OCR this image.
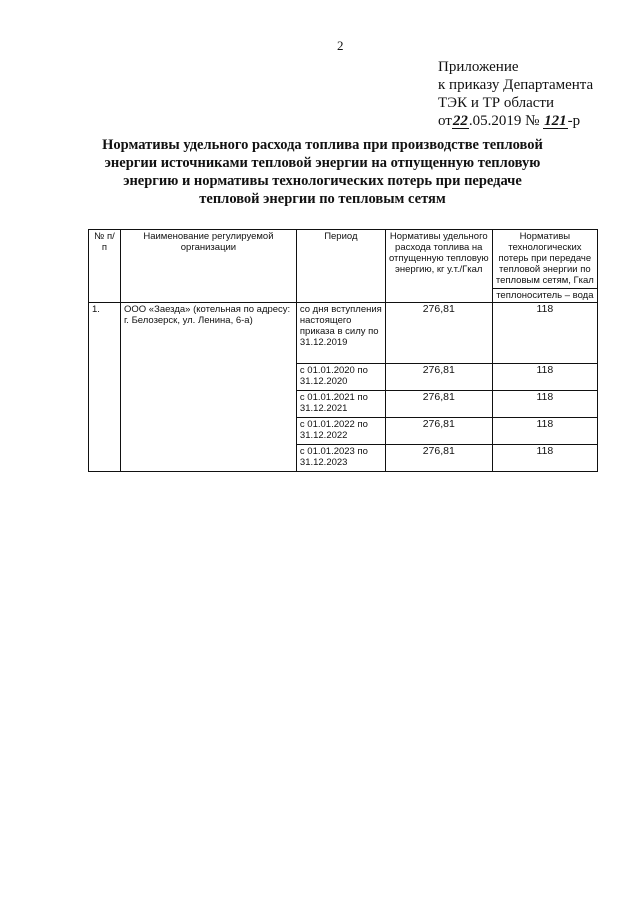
2
Приложение
к приказу Департамента
ТЭК и ТР области
от22.05.2019 № 121-р
Нормативы удельного расхода топлива при производстве тепловой энергии источниками тепловой энергии на отпущенную тепловую энергию и нормативы технологических потерь при передаче тепловой энергии по тепловым сетям
№ п/п	Наименование регулируемой организации	Период	Нормативы удельного расхода топлива на отпущенную тепловую энергию, кг у.т./Гкал	Нормативы технологических потерь при передаче тепловой энергии по тепловым сетям, Гкал
теплоноситель – вода

1.	ООО «Заезда» (котельная по адресу: г. Белозерск, ул. Ленина, 6-а)	со дня вступления настоящего приказа в силу по 31.12.2019	276,81	118
		с 01.01.2020 по 31.12.2020	276,81	118
		с 01.01.2021 по 31.12.2021	276,81	118
		с 01.01.2022 по 31.12.2022	276,81	118
		с 01.01.2023 по 31.12.2023	276,81	118
